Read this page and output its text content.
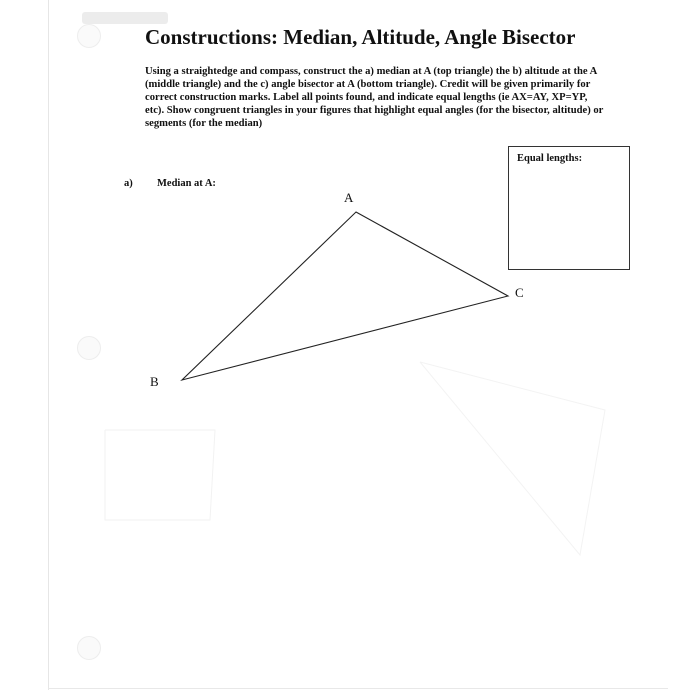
Constructions: Median, Altitude, Angle Bisector
Using a straightedge and compass, construct the a) median at A (top triangle) the b) altitude at the A (middle triangle) and the c) angle bisector at A (bottom triangle). Credit will be given primarily for correct construction marks. Label all points found, and indicate equal lengths (ie AX=AY, XP=YP, etc). Show congruent triangles in your figures that highlight equal angles (for the bisector, altitude) or segments (for the median)
Equal lengths:
a) Median at A:
A
C
B
